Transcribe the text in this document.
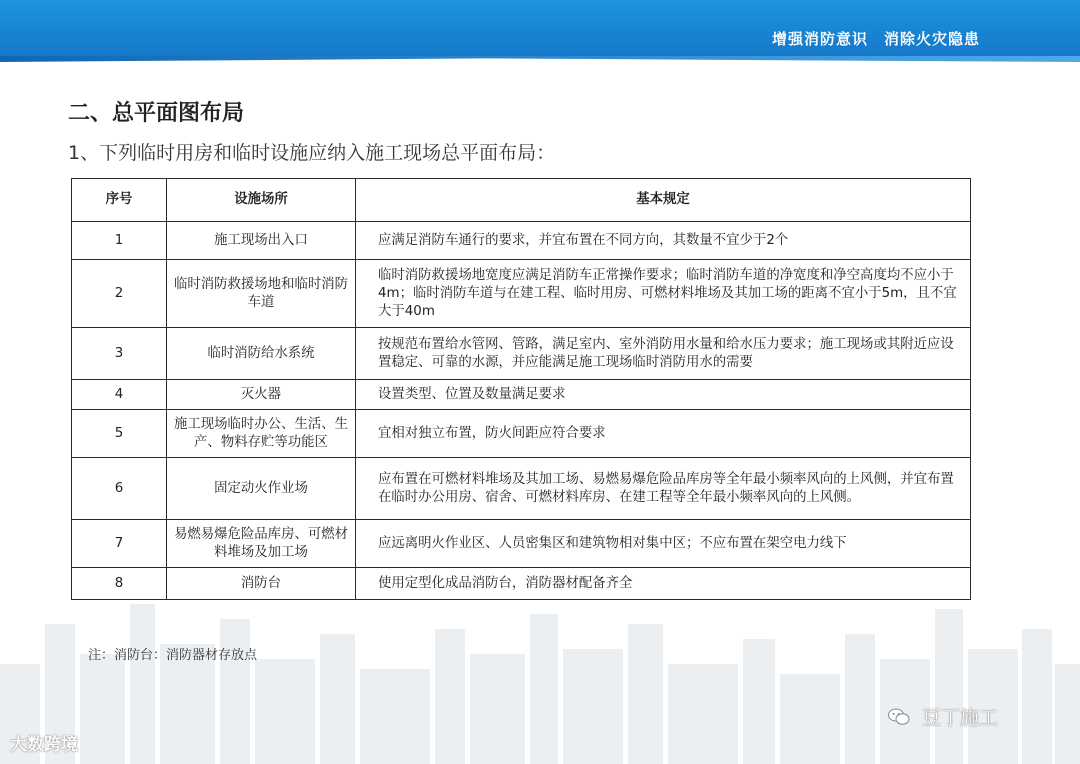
增强消防意识　消除火灾隐患
二、总平面图布局
1、下列临时用房和临时设施应纳入施工现场总平面布局：
序号	设施场所	基本规定
1	施工现场出入口	应满足消防车通行的要求，并宜布置在不同方向，其数量不宜少于2个
2	临时消防救援场地和临时消防车道	临时消防救援场地宽度应满足消防车正常操作要求；临时消防车道的净宽度和净空高度均不应小于4m；临时消防车道与在建工程、临时用房、可燃材料堆场及其加工场的距离不宜小于5m，且不宜大于40m
3	临时消防给水系统	按规范布置给水管网、管路，满足室内、室外消防用水量和给水压力要求；施工现场或其附近应设置稳定、可靠的水源，并应能满足施工现场临时消防用水的需要
4	灭火器	设置类型、位置及数量满足要求
5	施工现场临时办公、生活、生产、物料存贮等功能区	宜相对独立布置，防火间距应符合要求
6	固定动火作业场	应布置在可燃材料堆场及其加工场、易燃易爆危险品库房等全年最小频率风向的上风侧，并宜布置在临时办公用房、宿舍、可燃材料库房、在建工程等全年最小频率风向的上风侧。
7	易燃易爆危险品库房、可燃材料堆场及加工场	应远离明火作业区、人员密集区和建筑物相对集中区；不应布置在架空电力线下
8	消防台	使用定型化成品消防台，消防器材配备齐全
注：消防台：消防器材存放点
大数跨境
豆丁施工
